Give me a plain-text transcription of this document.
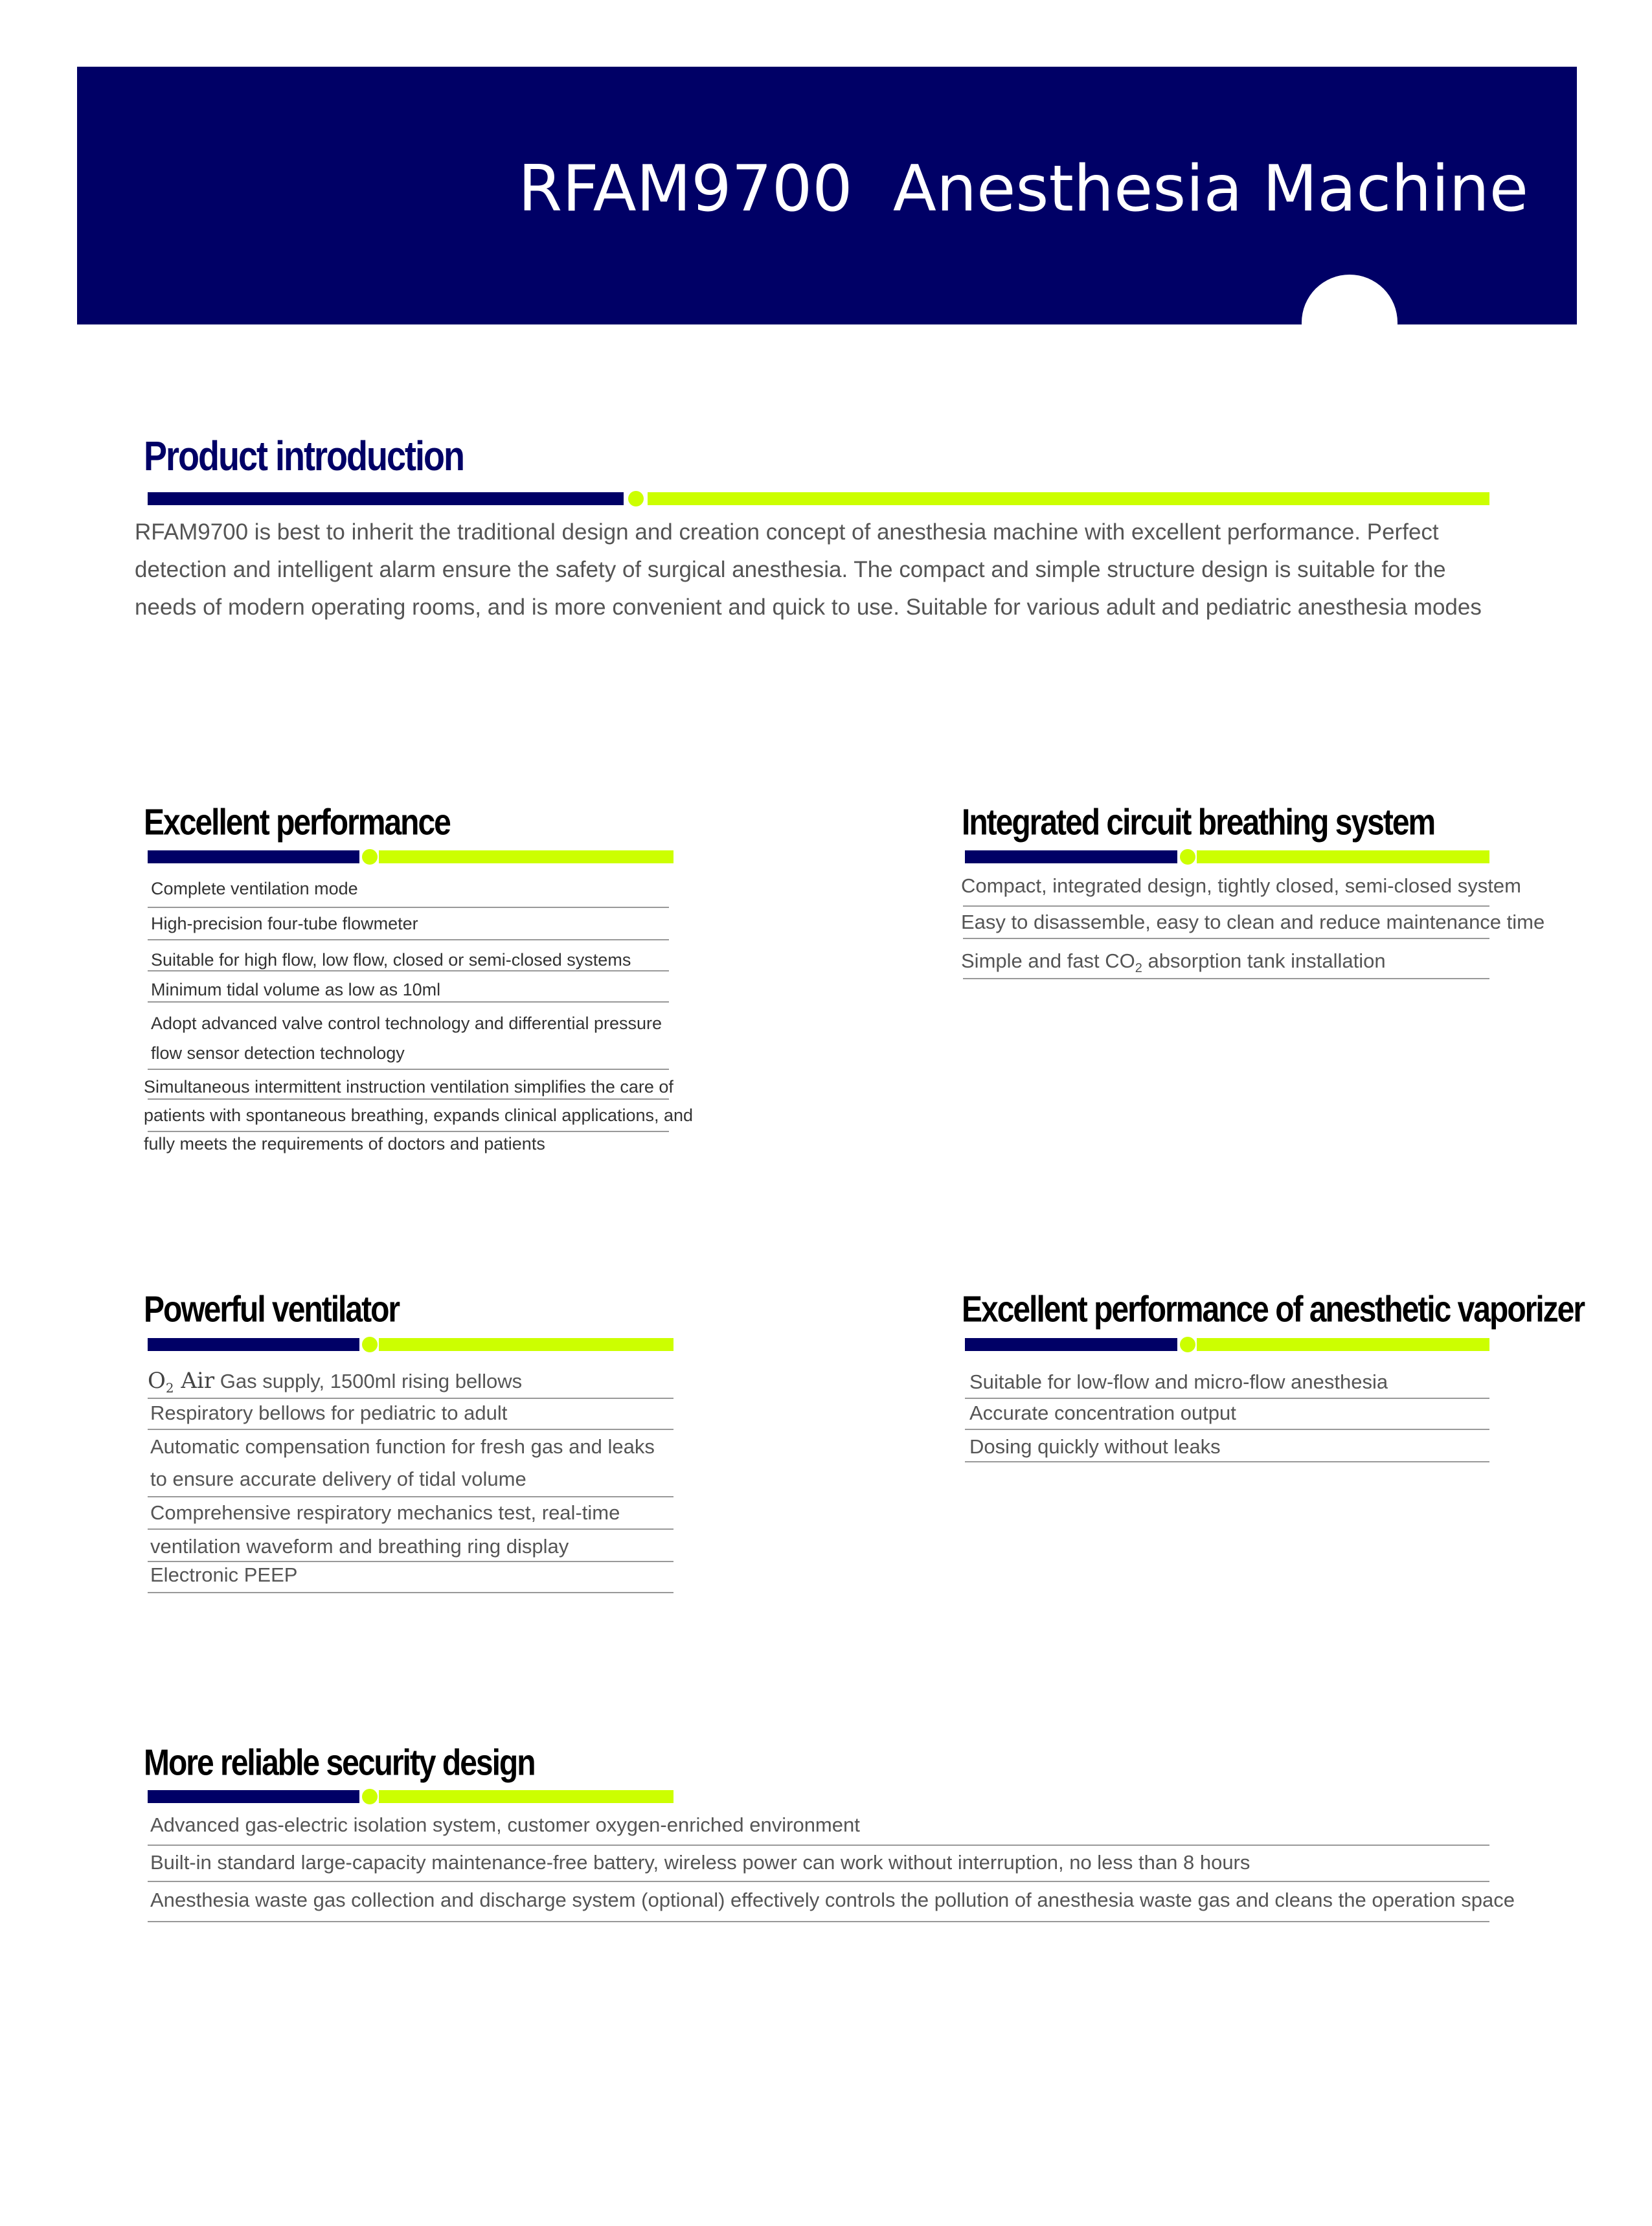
RFAM9700  Anesthesia Machine
Product introduction
RFAM9700 is best to inherit the traditional design and creation concept of anesthesia machine with excellent performance. Perfect detection and intelligent alarm ensure the safety of surgical anesthesia. The compact and simple structure design is suitable for the needs of modern operating rooms, and is more convenient and quick to use. Suitable for various adult and pediatric anesthesia modes
Excellent performance
Complete ventilation mode
High-precision four-tube flowmeter
Suitable for high flow, low flow, closed or semi-closed systems
Minimum tidal volume as low as 10ml
Adopt advanced valve control technology and differential pressure
flow sensor detection technology
Simultaneous intermittent instruction ventilation simplifies the care of
patients with spontaneous breathing, expands clinical applications, and
fully meets the requirements of doctors and patients
Integrated circuit breathing system
Compact, integrated design, tightly closed, semi-closed system
Easy to disassemble, easy to clean and reduce maintenance time
Simple and fast $CO_2$ absorption tank installation
Powerful ventilator
$O_2$ Air Gas supply, 1500ml rising bellows
Respiratory bellows for pediatric to adult
Automatic compensation function for fresh gas and leaks
to ensure accurate delivery of tidal volume
Comprehensive respiratory mechanics test, real-time
ventilation waveform and breathing ring display
Electronic PEEP
Excellent performance of anesthetic vaporizer
Suitable for low-flow and micro-flow anesthesia
Accurate concentration output
Dosing quickly without leaks
More reliable security design
Advanced gas-electric isolation system, customer oxygen-enriched environment
Built-in standard large-capacity maintenance-free battery, wireless power can work without interruption, no less than 8 hours
Anesthesia waste gas collection and discharge system (optional) effectively controls the pollution of anesthesia waste gas and cleans the operation space
